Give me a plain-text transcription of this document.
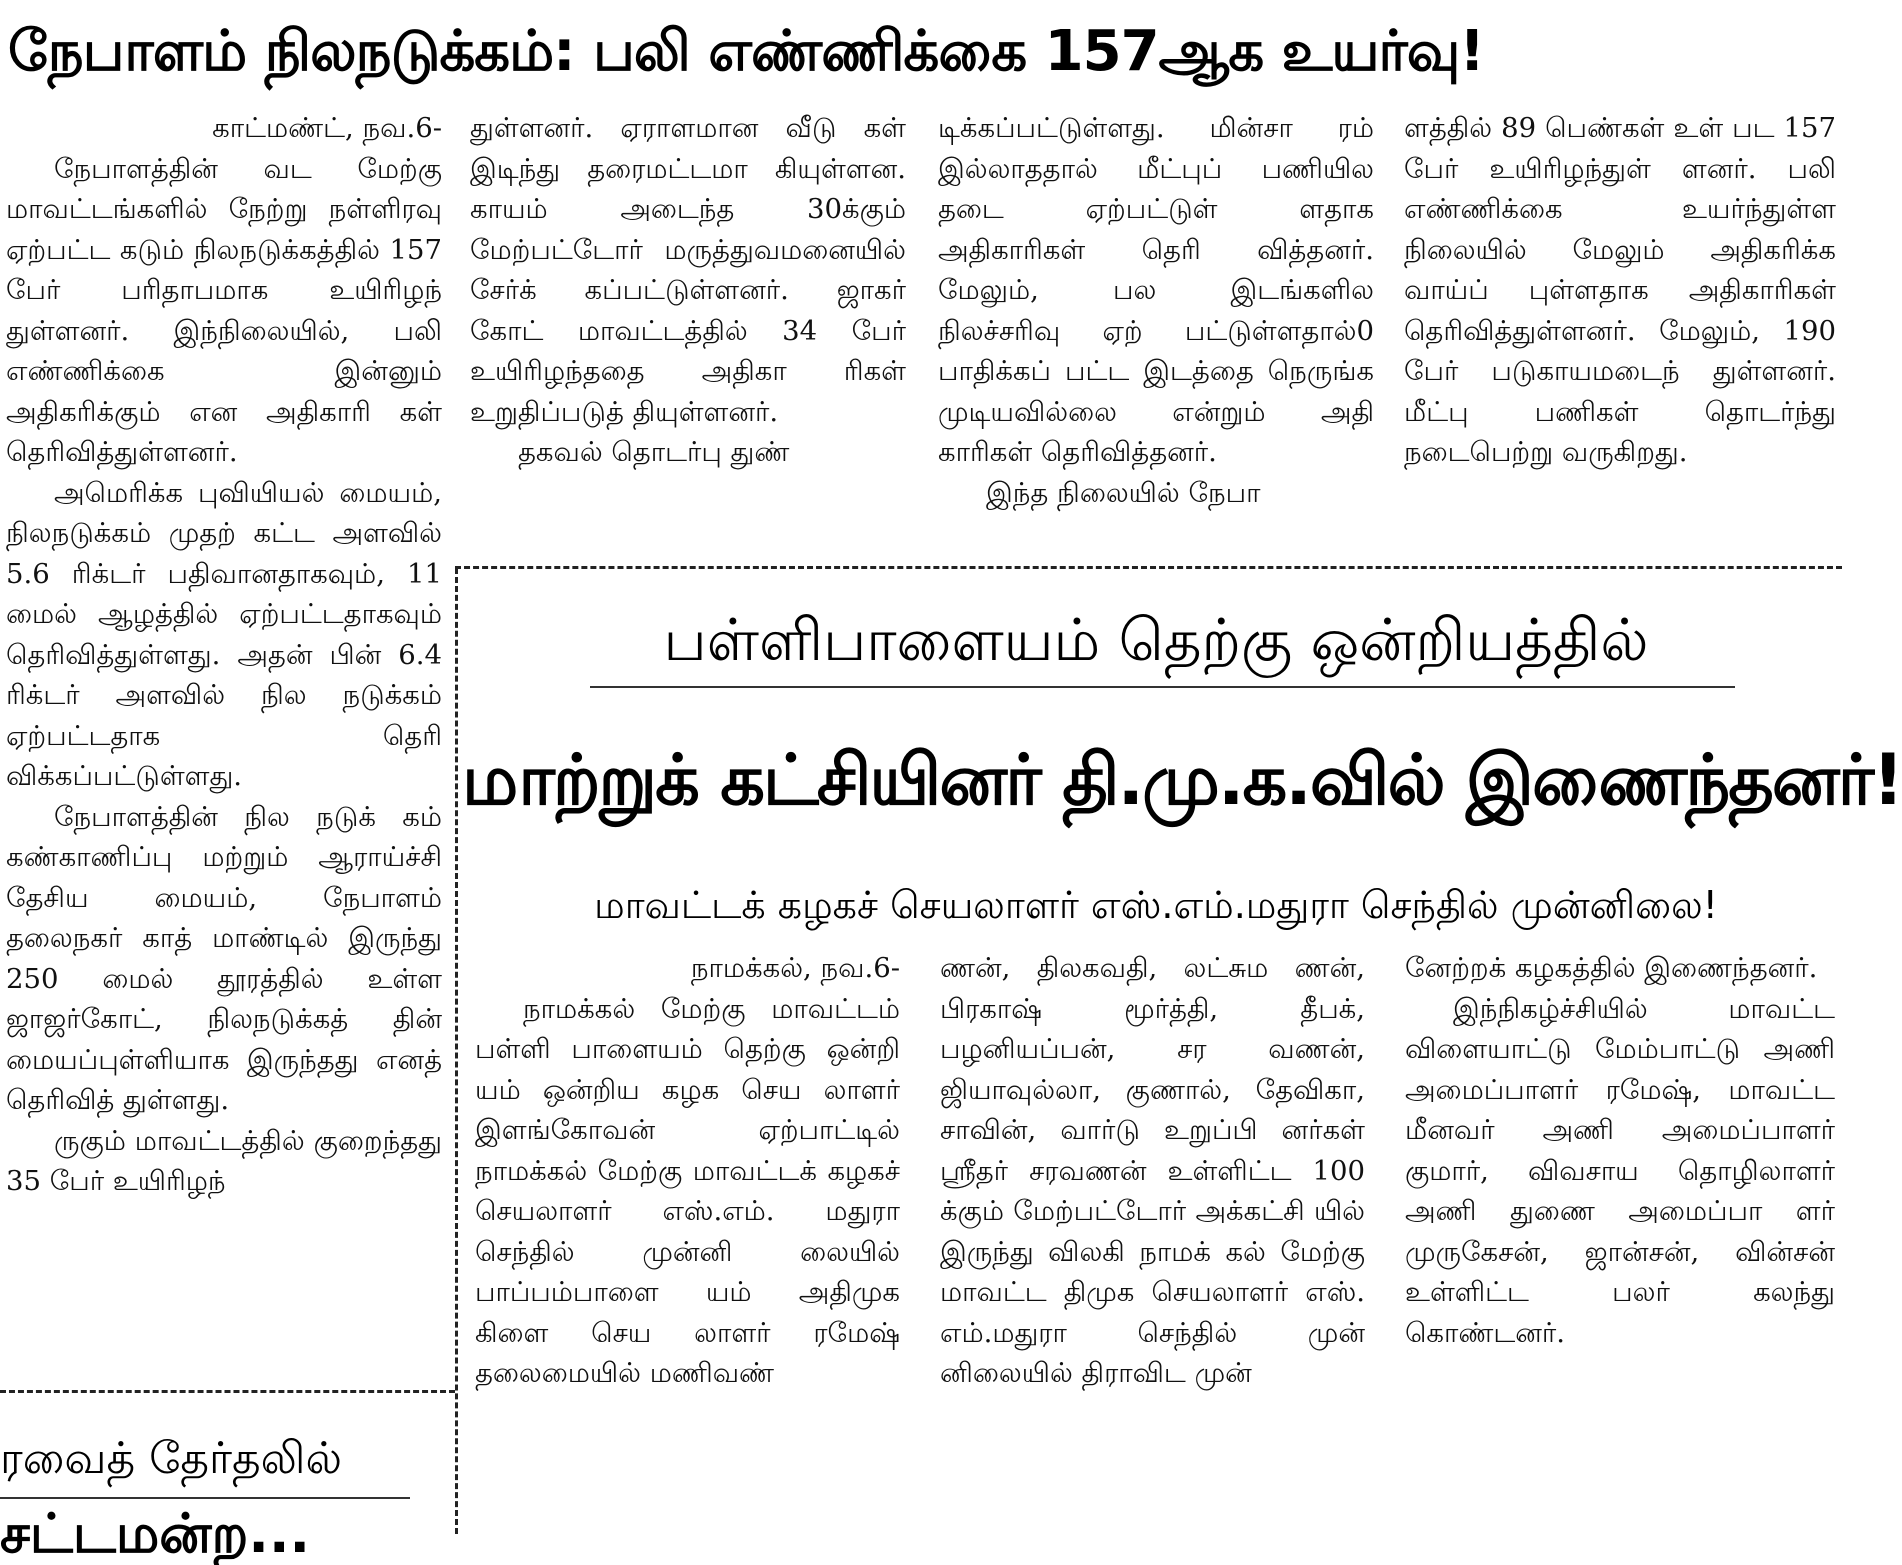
நேபாளம் நிலநடுக்கம்: பலி எண்ணிக்கை 157ஆக உயர்வு!

காட்மண்ட், நவ.6-

நேபாளத்தின் வட மேற்கு மாவட்டங்களில் நேற்று நள்ளிரவு ஏற்பட்ட கடும் நிலநடுக்கத்தில் 157 பேர் பரிதாபமாக உயிரிழந் துள்ளனர். இந்நிலையில், பலி எண்ணிக்கை இன்னும் அதிகரிக்கும் என அதிகாரி கள் தெரிவித்துள்ளனர்.

அமெரிக்க புவியியல் மையம், நிலநடுக்கம் முதற் கட்ட அளவில் 5.6 ரிக்டர் பதிவானதாகவும், 11 மைல் ஆழத்தில் ஏற்பட்டதாகவும் தெரிவித்துள்ளது. அதன் பின் 6.4 ரிக்டர் அளவில் நில நடுக்கம் ஏற்பட்டதாக தெரி விக்கப்பட்டுள்ளது.

நேபாளத்தின் நில நடுக் கம் கண்காணிப்பு மற்றும் ஆராய்ச்சி தேசிய மையம், நேபாளம் தலைநகர் காத் மாண்டில் இருந்து 250 மைல் தூரத்தில் உள்ள ஜாஜர்கோட், நிலநடுக்கத் தின் மையப்புள்ளியாக இருந்தது எனத் தெரிவித் துள்ளது.

ருகும் மாவட்டத்தில் குறைந்தது 35 பேர் உயிரிழந்

துள்ளனர். ஏராளமான வீடு கள் இடிந்து தரைமட்டமா கியுள்ளன. காயம் அடைந்த 30க்கும் மேற்பட்டோர் மருத்துவமனையில் சேர்க் கப்பட்டுள்ளனர். ஜாகர் கோட் மாவட்டத்தில் 34 பேர் உயிரிழந்ததை அதிகா ரிகள் உறுதிப்படுத் தியுள்ளனர்.

தகவல் தொடர்பு துண்

டிக்கப்பட்டுள்ளது. மின்சா ரம் இல்லாததால் மீட்புப் பணியில தடை ஏற்பட்டுள் ளதாக அதிகாரிகள் தெரி வித்தனர். மேலும், பல இடங்களில நிலச்சரிவு ஏற் பட்டுள்ளதால்0 பாதிக்கப் பட்ட இடத்தை நெருங்க முடியவில்லை என்றும் அதி காரிகள் தெரிவித்தனர்.

இந்த நிலையில் நேபா

ளத்தில் 89 பெண்கள் உள் பட 157 பேர் உயிரிழந்துள் ளனர். பலி எண்ணிக்கை உயர்ந்துள்ள நிலையில் மேலும் அதிகரிக்க வாய்ப் புள்ளதாக அதிகாரிகள் தெரிவித்துள்ளனர். மேலும், 190 பேர் படுகாயமடைந் துள்ளனர். மீட்பு பணிகள் தொடர்ந்து நடைபெற்று வருகிறது.

பள்ளிபாளையம் தெற்கு ஒன்றியத்தில்
மாற்றுக் கட்சியினர் தி.மு.க.வில் இணைந்தனர்!
மாவட்டக் கழகச் செயலாளர் எஸ்.எம்.மதுரா செந்தில் முன்னிலை!

நாமக்கல், நவ.6-

நாமக்கல் மேற்கு மாவட்டம் பள்ளி பாளையம் தெற்கு ஒன்றி யம் ஒன்றிய கழக செய லாளர் இளங்கோவன் ஏற்பாட்டில் நாமக்கல் மேற்கு மாவட்டக் கழகச் செயலாளர் எஸ்.எம். மதுரா செந்தில் முன்னி லையில் பாப்பம்பாளை யம் அதிமுக கிளை செய லாளர் ரமேஷ் தலைமையில் மணிவண்

ணன், திலகவதி, லட்சும ணன், பிரகாஷ் மூர்த்தி, தீபக், பழனியப்பன், சர வணன், ஜியாவுல்லா, குணால், தேவிகா, சாவின், வார்டு உறுப்பி னர்கள் ஸ்ரீதர் சரவணன் உள்ளிட்ட 100 க்கும் மேற்பட்டோர் அக்கட்சி யில் இருந்து விலகி நாமக் கல் மேற்கு மாவட்ட திமுக செயலாளர் எஸ். எம்.மதுரா செந்தில் முன் னிலையில் திராவிட முன்

னேற்றக் கழகத்தில் இணைந்தனர்.

இந்நிகழ்ச்சியில் மாவட்ட விளையாட்டு மேம்பாட்டு அணி அமைப்பாளர் ரமேஷ், மாவட்ட மீனவர் அணி அமைப்பாளர் குமார், விவசாய தொழிலாளர் அணி துணை அமைப்பா ளர் முருகேசன், ஜான்சன், வின்சன் உள்ளிட்ட பலர் கலந்து கொண்டனர்.

ரவைத் தேர்தலில்
சட்டமன்ற...
